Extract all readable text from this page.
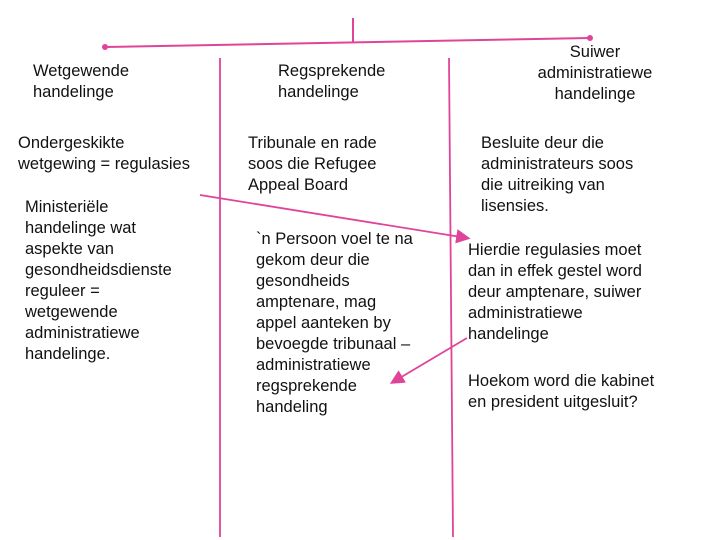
Wetgewende
handelinge

Ondergeskikte
wetgewing = regulasies

Ministeriële
handelinge wat
aspekte van
gesondheidsdienste
reguleer =
wetgewende
administratiewe
handelinge.

Regsprekende
handelinge

Tribunale en rade
soos die Refugee
Appeal Board

`n Persoon voel te na
gekom deur die
gesondheids
amptenare, mag
appel aanteken by
bevoegde tribunaal –
administratiewe
regsprekende
handeling

Suiwer
administratiewe
handelinge

Besluite deur die
administrateurs soos
die uitreiking van
lisensies.

Hierdie regulasies moet
dan in effek gestel word
deur amptenare, suiwer
administratiewe
handelinge

Hoekom word die kabinet
en president uitgesluit?
